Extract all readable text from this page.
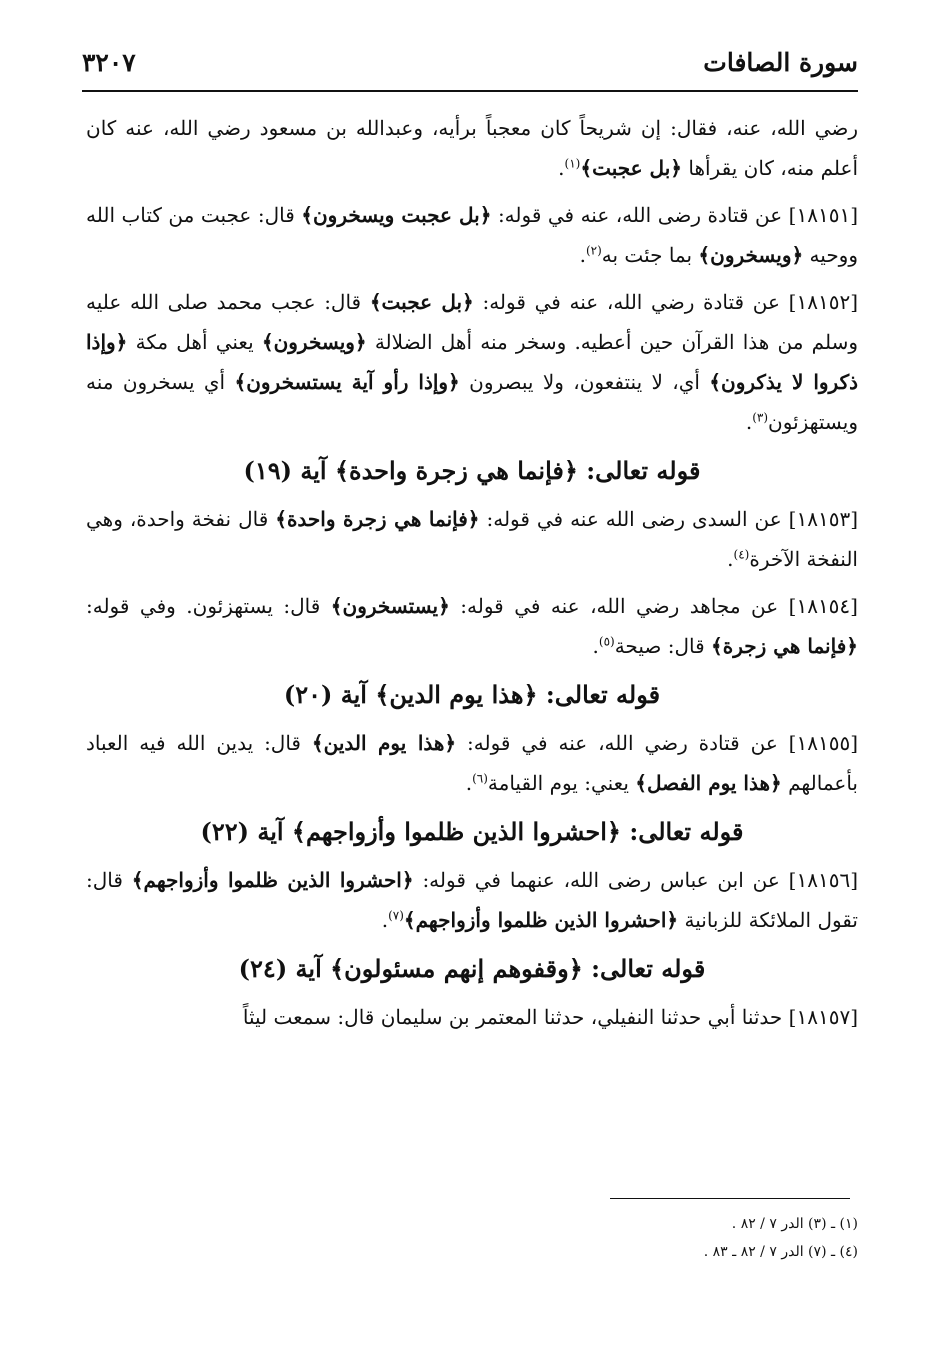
سورة الصافات
٣٢٠٧
رضي الله، عنه، فقال: إن شريحاً كان معجباً برأيه، وعبدالله بن مسعود رضي الله، عنه كان أعلم منه، كان يقرأها ﴿بل عجبت﴾$^{(١)}$.
[١٨١٥١] عن قتادة رضى الله، عنه في قوله: ﴿بل عجبت ويسخرون﴾ قال: عجبت من كتاب الله ووحيه ﴿ويسخرون﴾ بما جئت به$^{(٢)}$.
[١٨١٥٢] عن قتادة رضي الله، عنه في قوله: ﴿بل عجبت﴾ قال: عجب محمد صلى الله عليه وسلم من هذا القرآن حين أعطيه. وسخر منه أهل الضلالة ﴿ويسخرون﴾ يعني أهل مكة ﴿وإذا ذكروا لا يذكرون﴾ أي، لا ينتفعون، ولا يبصرون ﴿وإذا رأو آية يستسخرون﴾ أي يسخرون منه ويستهزئون$^{(٣)}$.
قوله تعالى: ﴿فإنما هي زجرة واحدة﴾ آية (١٩)
[١٨١٥٣] عن السدى رضى الله عنه في قوله: ﴿فإنما هي زجرة واحدة﴾ قال نفخة واحدة، وهي النفخة الآخرة$^{(٤)}$.
[١٨١٥٤] عن مجاهد رضي الله، عنه في قوله: ﴿يستسخرون﴾ قال: يستهزئون. وفي قوله: ﴿فإنما هي زجرة﴾ قال: صيحة$^{(٥)}$.
قوله تعالى: ﴿هذا يوم الدين﴾ آية (٢٠)
[١٨١٥٥] عن قتادة رضي الله، عنه في قوله: ﴿هذا يوم الدين﴾ قال: يدين الله فيه العباد بأعمالهم ﴿هذا يوم الفصل﴾ يعني: يوم القيامة$^{(٦)}$.
قوله تعالى: ﴿احشروا الذين ظلموا وأزواجهم﴾ آية (٢٢)
[١٨١٥٦] عن ابن عباس رضى الله، عنهما في قوله: ﴿احشروا الذين ظلموا وأزواجهم﴾ قال: تقول الملائكة للزبانية ﴿احشروا الذين ظلموا وأزواجهم﴾$^{(٧)}$.
قوله تعالى: ﴿وقفوهم إنهم مسئولون﴾ آية (٢٤)
[١٨١٥٧] حدثنا أبي حدثنا النفيلي، حدثنا المعتمر بن سليمان قال: سمعت ليثاً
(١) ـ (٣) الدر ٧ / ٨٢ .
(٤) ـ (٧) الدر ٧ / ٨٢ ـ ٨٣ .
